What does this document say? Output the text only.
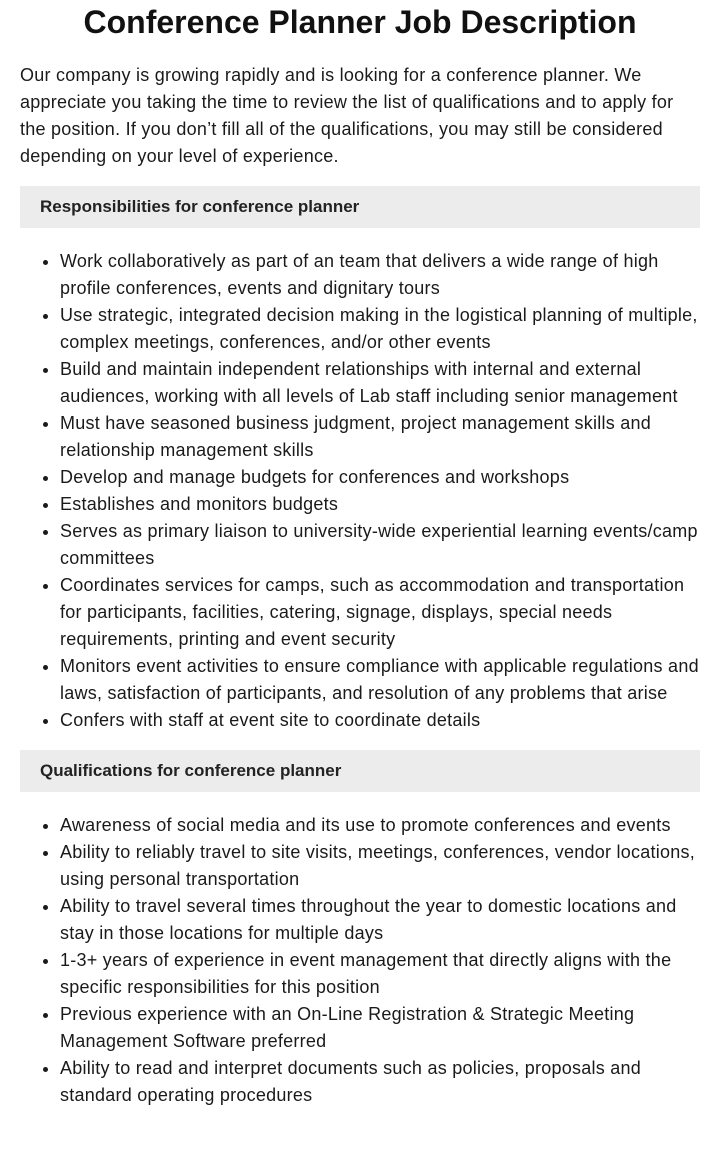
Conference Planner Job Description

Our company is growing rapidly and is looking for a conference planner. We appreciate you taking the time to review the list of qualifications and to apply for the position. If you don’t fill all of the qualifications, you may still be considered depending on your level of experience.

Responsibilities for conference planner
• Work collaboratively as part of an team that delivers a wide range of high profile conferences, events and dignitary tours
• Use strategic, integrated decision making in the logistical planning of multiple, complex meetings, conferences, and/or other events
• Build and maintain independent relationships with internal and external audiences, working with all levels of Lab staff including senior management
• Must have seasoned business judgment, project management skills and relationship management skills
• Develop and manage budgets for conferences and workshops
• Establishes and monitors budgets
• Serves as primary liaison to university-wide experiential learning events/camp committees
• Coordinates services for camps, such as accommodation and transportation for participants, facilities, catering, signage, displays, special needs requirements, printing and event security
• Monitors event activities to ensure compliance with applicable regulations and laws, satisfaction of participants, and resolution of any problems that arise
• Confers with staff at event site to coordinate details
Qualifications for conference planner
• Awareness of social media and its use to promote conferences and events
• Ability to reliably travel to site visits, meetings, conferences, vendor locations, using personal transportation
• Ability to travel several times throughout the year to domestic locations and stay in those locations for multiple days
• 1-3+ years of experience in event management that directly aligns with the specific responsibilities for this position
• Previous experience with an On-Line Registration & Strategic Meeting Management Software preferred
• Ability to read and interpret documents such as policies, proposals and standard operating procedures
